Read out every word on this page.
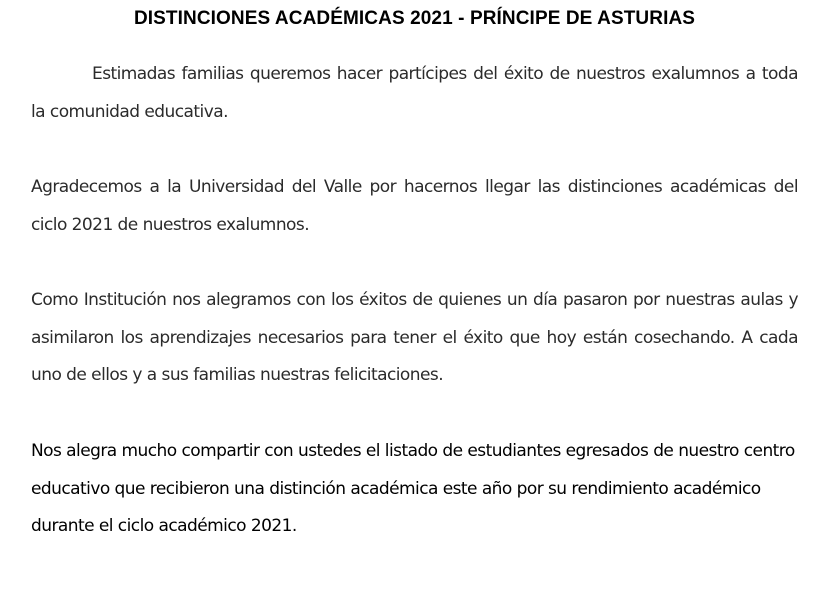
DISTINCIONES ACADÉMICAS 2021 - PRÍNCIPE DE ASTURIAS

Estimadas familias queremos hacer partícipes del éxito de nuestros exalumnos a toda la comunidad educativa.

Agradecemos a la Universidad del Valle por hacernos llegar las distinciones académicas del ciclo 2021 de nuestros exalumnos.

Como Institución nos alegramos con los éxitos de quienes un día pasaron por nuestras aulas y asimilaron los aprendizajes necesarios para tener el éxito que hoy están cosechando. A cada uno de ellos y a sus familias nuestras felicitaciones.

Nos alegra mucho compartir con ustedes el listado de estudiantes egresados de nuestro centro educativo que recibieron una distinción académica este año por su rendimiento académico durante el ciclo académico 2021.
